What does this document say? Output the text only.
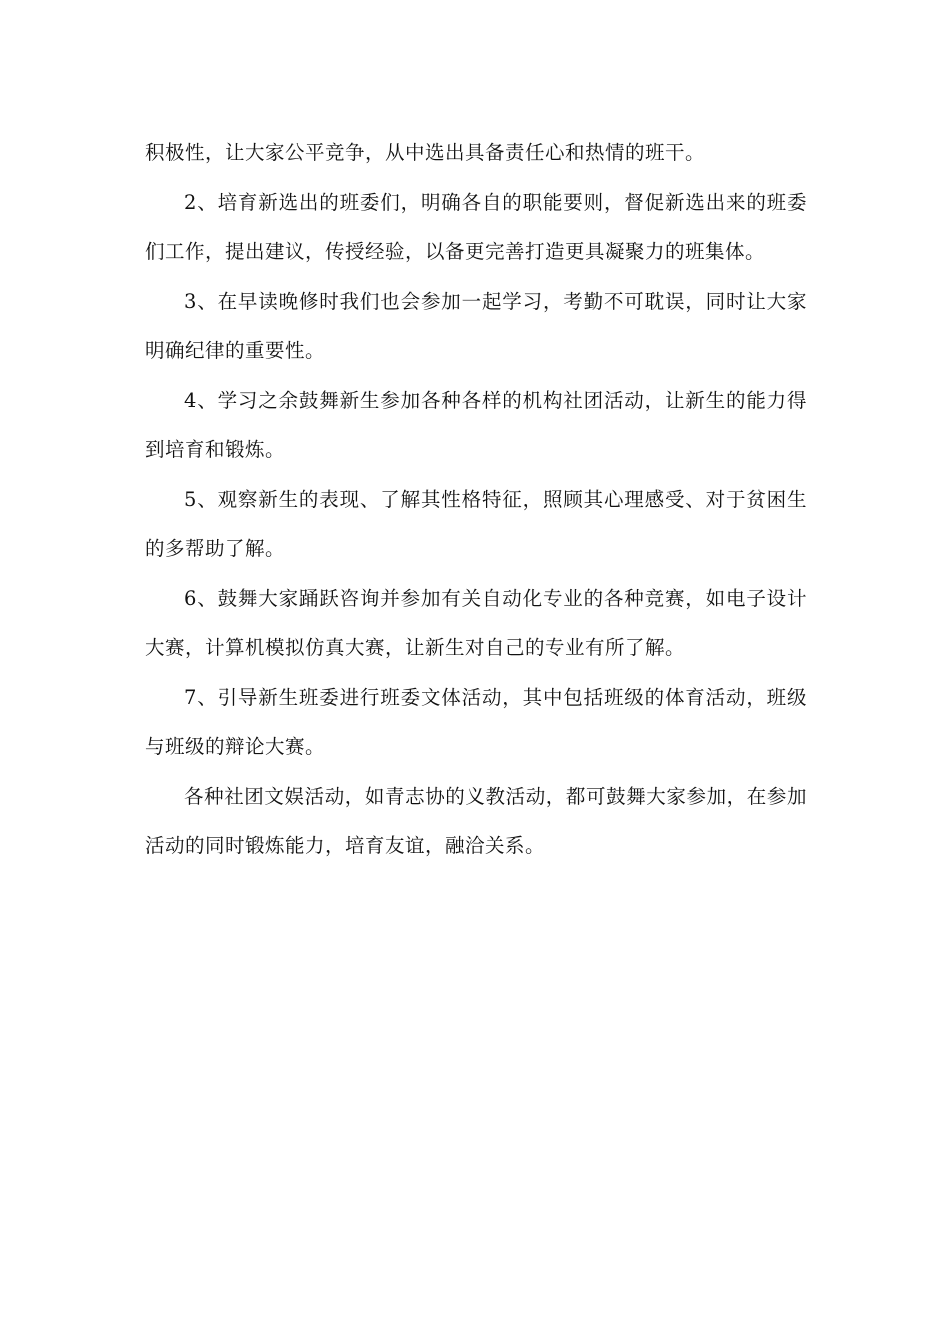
积极性，让大家公平竞争，从中选出具备责任心和热情的班干。

2、培育新选出的班委们，明确各自的职能要则，督促新选出来的班委们工作，提出建议，传授经验，以备更完善打造更具凝聚力的班集体。

3、在早读晚修时我们也会参加一起学习，考勤不可耽误，同时让大家明确纪律的重要性。

4、学习之余鼓舞新生参加各种各样的机构社团活动，让新生的能力得到培育和锻炼。

5、观察新生的表现、了解其性格特征，照顾其心理感受、对于贫困生的多帮助了解。

6、鼓舞大家踊跃咨询并参加有关自动化专业的各种竞赛，如电子设计大赛，计算机模拟仿真大赛，让新生对自己的专业有所了解。

7、引导新生班委进行班委文体活动，其中包括班级的体育活动，班级与班级的辩论大赛。

各种社团文娱活动，如青志协的义教活动，都可鼓舞大家参加，在参加活动的同时锻炼能力，培育友谊，融洽关系。
